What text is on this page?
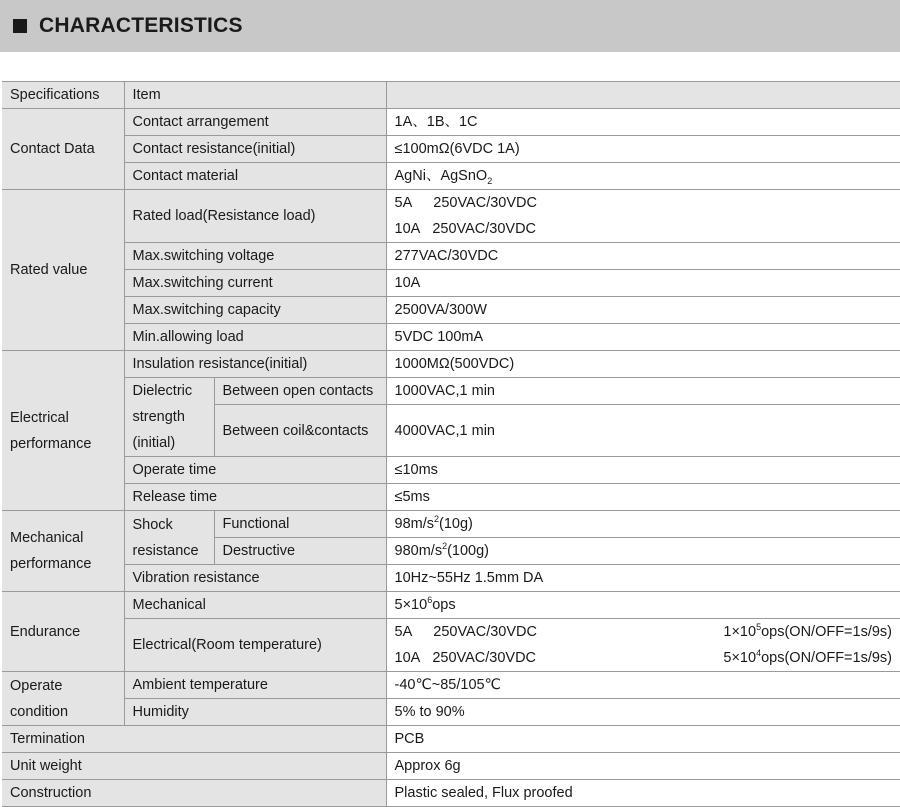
CHARACTERISTICS
Specifications	Item		
Contact Data	Contact arrangement		1A、1B、1C
	Contact resistance(initial)		≤100mΩ(6VDC 1A)
	Contact material		AgNi、AgSnO$_2$
Rated value	Rated load(Resistance load)		5A 250VAC/30VDC
10A 250VAC/30VDC

	Max.switching voltage		277VAC/30VDC
	Max.switching current		10A
	Max.switching capacity		2500VA/300W
	Min.allowing load		5VDC 100mA

Electrical
performance	Insulation resistance(initial)		1000MΩ(500VDC)

	Dielectric
strength
(initial)	Between open contacts	1000VAC,1 min
		Between coil&contacts	4000VAC,1 min
	Operate time		≤10ms
	Release time		≤5ms

Mechanical
performance	Shock
resistance	Functional	$98m/s^2(10g)$
		Destructive	$980m/s^2(100g)$
	Vibration resistance		10Hz~55Hz 1.5mm DA
Endurance	Mechanical		$5\times 10^6ops$
	Electrical(Room temperature)		5A 250VAC/30VDC $1\times 10^5ops(ON/OFF=1s/9s)$
10A 250VAC/30VDC $5\times 10^4ops(ON/OFF=1s/9s)$

Operate
condition	Ambient temperature		-40℃~85/105℃
	Humidity		5% to 90%
Termination			PCB
Unit weight			Approx 6g
Construction			Plastic sealed, Flux proofed
